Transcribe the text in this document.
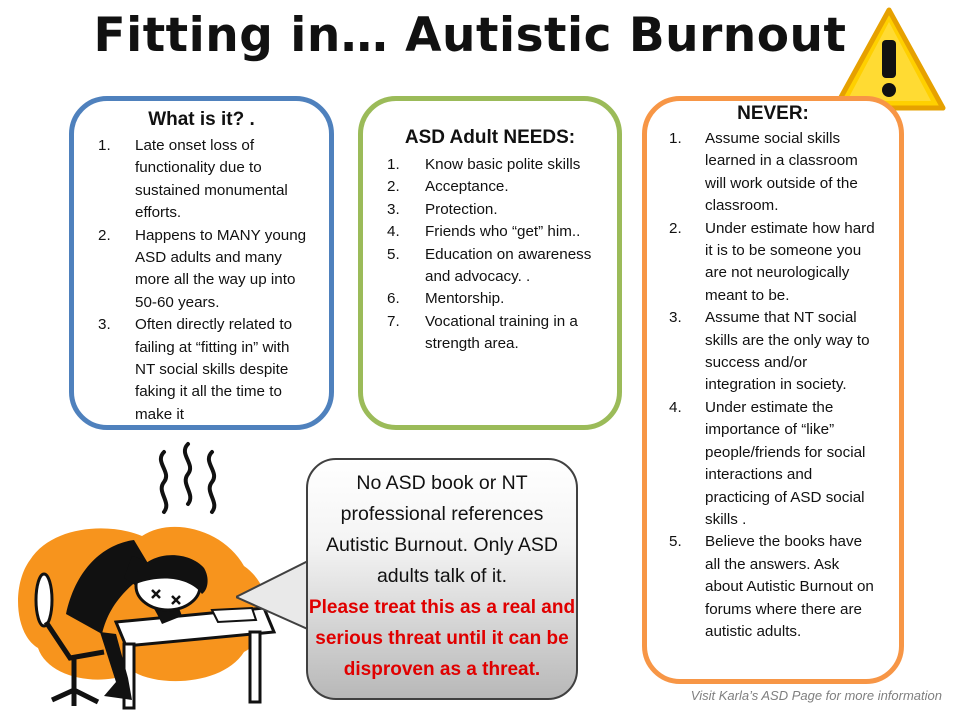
Fitting in… Autistic Burnout
What is it? .
1.	Late onset loss of functionality due to sustained monumental efforts.
2.	Happens to MANY young ASD adults and many more all the way up into 50-60 years.
3.	Often directly related to failing at “fitting in” with NT social skills despite faking it all the time to make it
ASD Adult NEEDS:
1.	Know basic polite skills
2.	Acceptance.
3.	Protection.
4.	Friends who “get” him..
5.	Education on awareness and advocacy. .
6.	Mentorship.
7.	Vocational training in a strength area.
NEVER:
1.	Assume social skills learned in a classroom will work outside of the classroom.
2.	Under estimate how hard it is to be someone you are not neurologically meant to be.
3.	Assume that NT social skills are the only way to success and/or integration in society.
4.	Under estimate the importance of “like” people/friends for social interactions and practicing of ASD social skills .
5.	Believe the books have all the answers. Ask about Autistic Burnout on forums where there are autistic adults.
No ASD book or NT professional references Autistic Burnout. Only ASD adults talk of it.
Please treat this as a real and serious threat until it can be disproven as a threat.
Visit Karla’s ASD Page for more information
